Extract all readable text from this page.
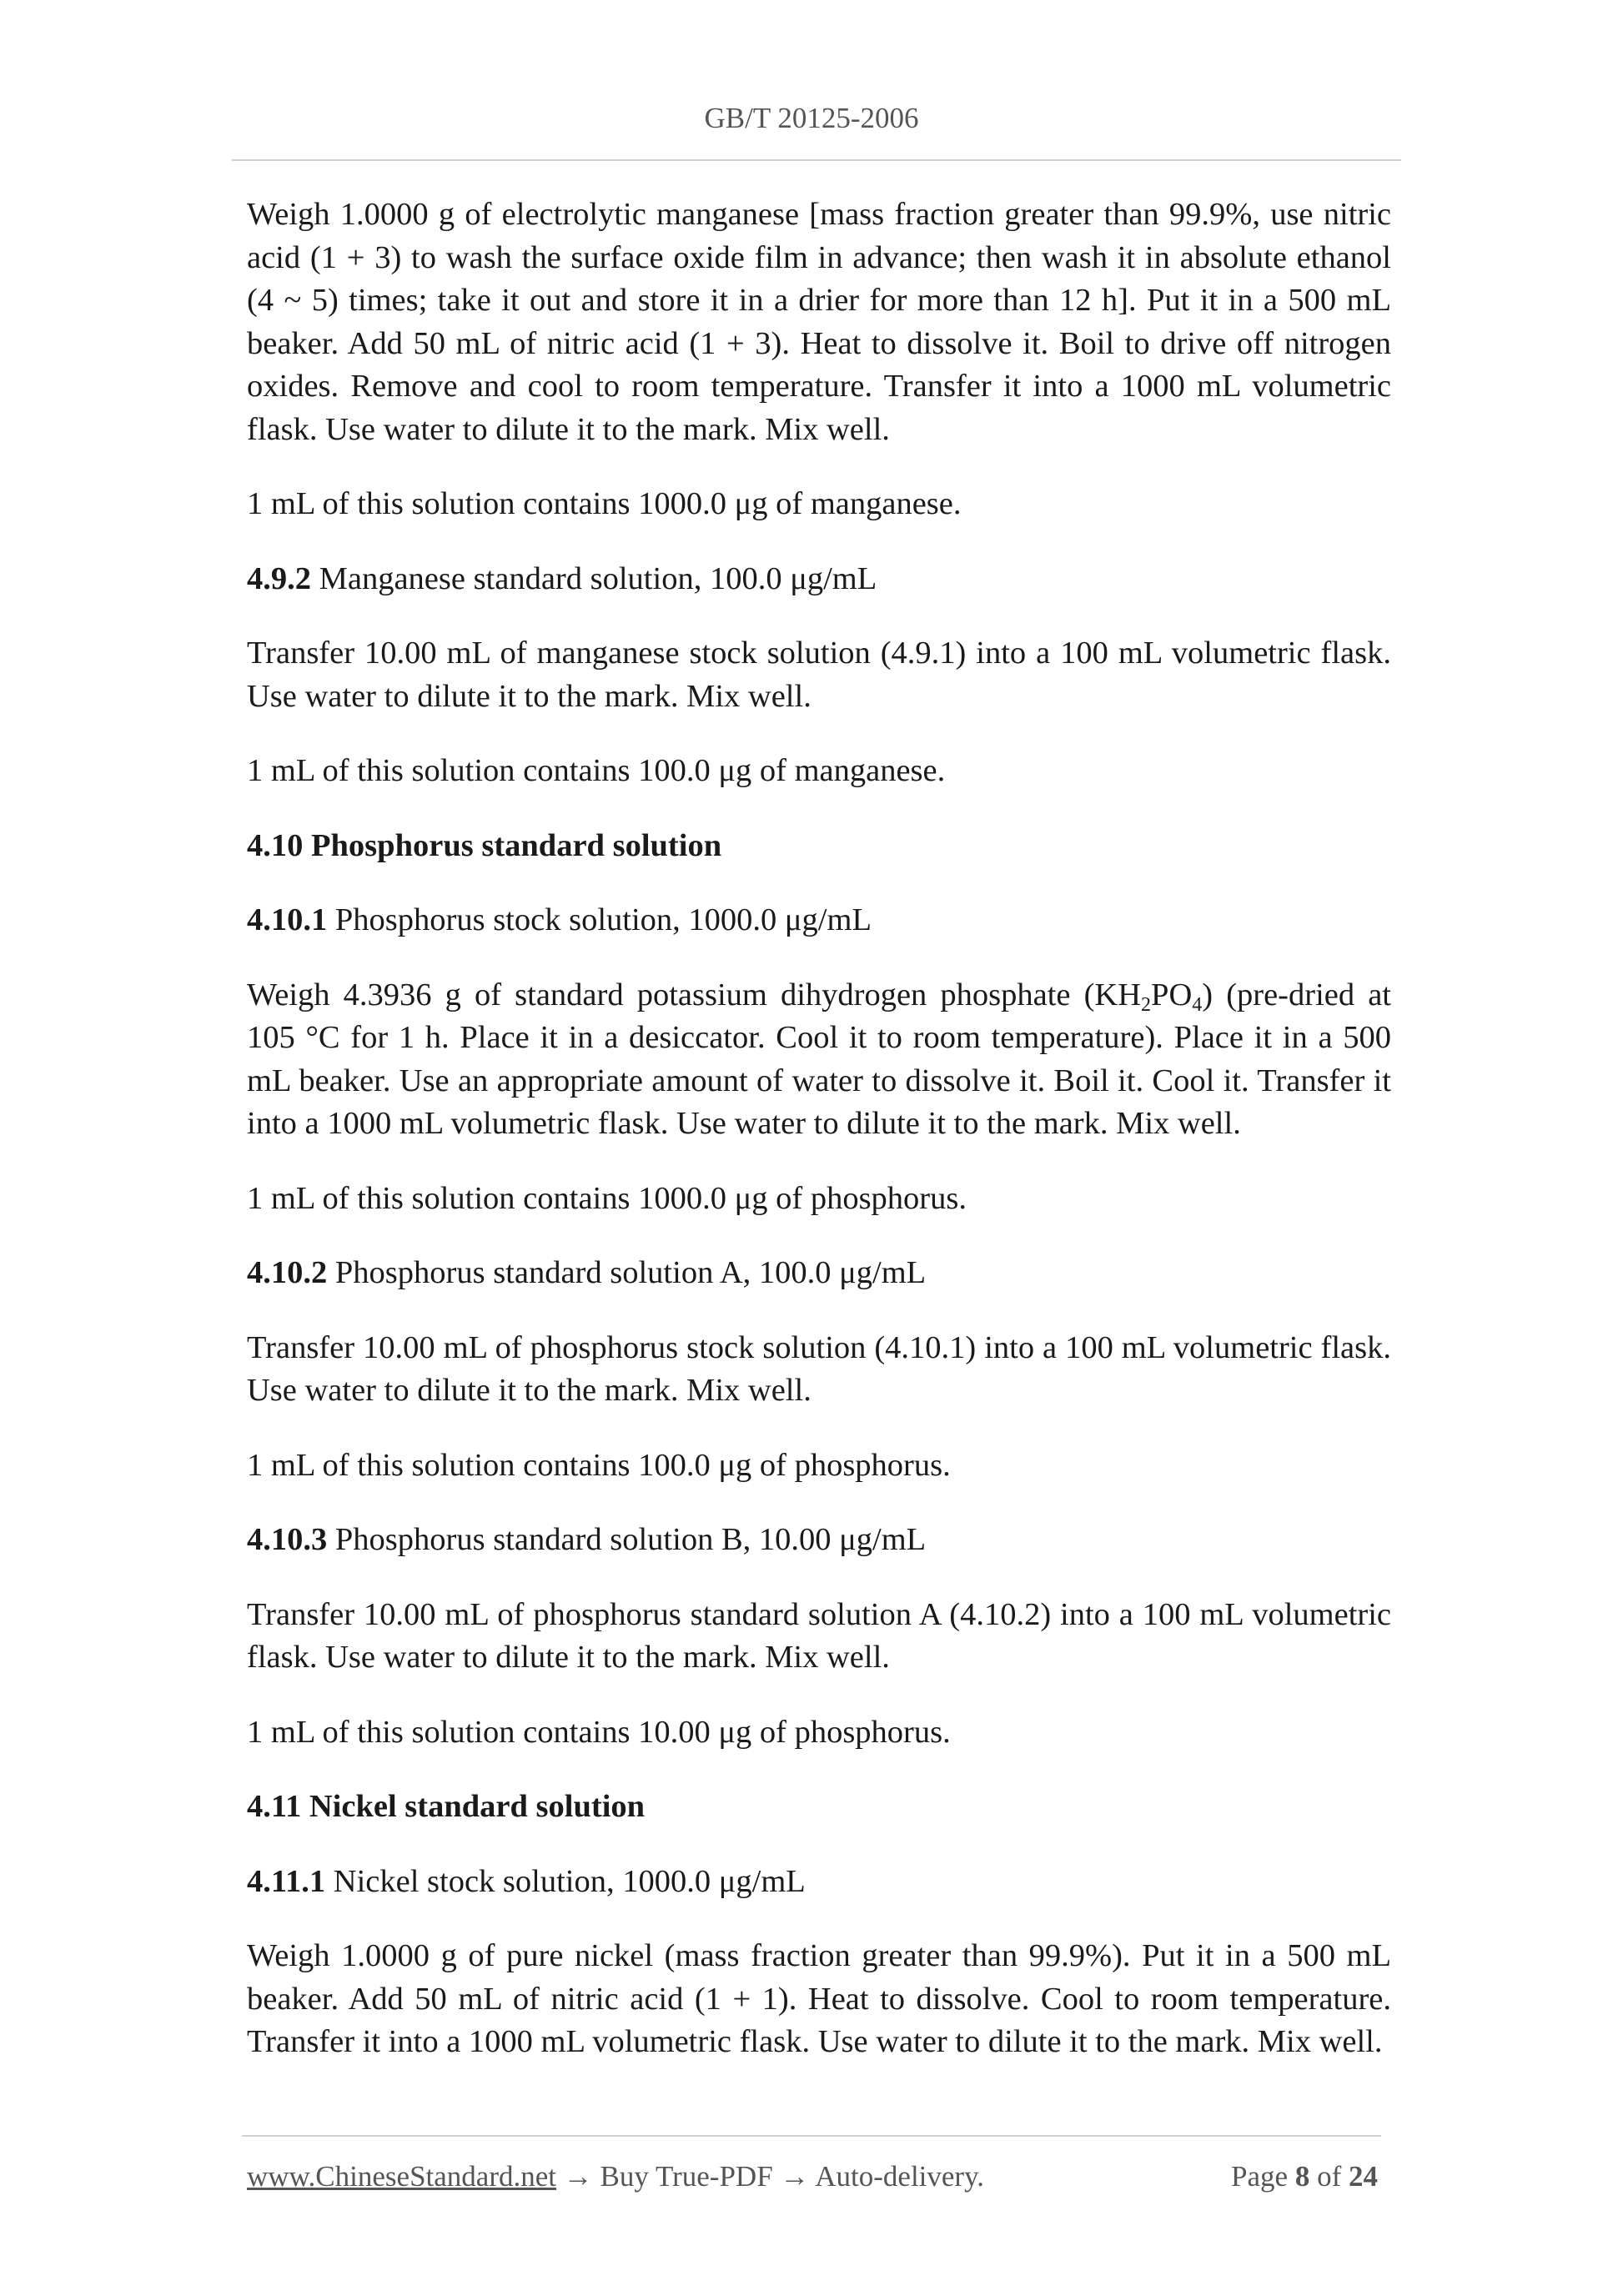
GB/T 20125-2006

Weigh 1.0000 g of electrolytic manganese [mass fraction greater than 99.9%, use nitric acid (1 + 3) to wash the surface oxide film in advance; then wash it in absolute ethanol (4 ~ 5) times; take it out and store it in a drier for more than 12 h]. Put it in a 500 mL beaker. Add 50 mL of nitric acid (1 + 3). Heat to dissolve it. Boil to drive off nitrogen oxides. Remove and cool to room temperature. Transfer it into a 1000 mL volumetric flask. Use water to dilute it to the mark. Mix well.

1 mL of this solution contains 1000.0 μg of manganese.

4.9.2 Manganese standard solution, 100.0 μg/mL

Transfer 10.00 mL of manganese stock solution (4.9.1) into a 100 mL volumetric flask. Use water to dilute it to the mark. Mix well.

1 mL of this solution contains 100.0 μg of manganese.

4.10 Phosphorus standard solution

4.10.1 Phosphorus stock solution, 1000.0 μg/mL

Weigh 4.3936 g of standard potassium dihydrogen phosphate $(KH_2PO_4)$ (pre-dried at 105 °C for 1 h. Place it in a desiccator. Cool it to room temperature). Place it in a 500 mL beaker. Use an appropriate amount of water to dissolve it. Boil it. Cool it. Transfer it into a 1000 mL volumetric flask. Use water to dilute it to the mark. Mix well.

1 mL of this solution contains 1000.0 μg of phosphorus.

4.10.2 Phosphorus standard solution A, 100.0 μg/mL

Transfer 10.00 mL of phosphorus stock solution (4.10.1) into a 100 mL volumetric flask. Use water to dilute it to the mark. Mix well.

1 mL of this solution contains 100.0 μg of phosphorus.

4.10.3 Phosphorus standard solution B, 10.00 μg/mL

Transfer 10.00 mL of phosphorus standard solution A (4.10.2) into a 100 mL volumetric flask. Use water to dilute it to the mark. Mix well.

1 mL of this solution contains 10.00 μg of phosphorus.

4.11 Nickel standard solution

4.11.1 Nickel stock solution, 1000.0 μg/mL

Weigh 1.0000 g of pure nickel (mass fraction greater than 99.9%). Put it in a 500 mL beaker. Add 50 mL of nitric acid (1 + 1). Heat to dissolve. Cool to room temperature. Transfer it into a 1000 mL volumetric flask. Use water to dilute it to the mark. Mix well.

www.ChineseStandard.net → Buy True-PDF → Auto-delivery.	Page 8 of 24
